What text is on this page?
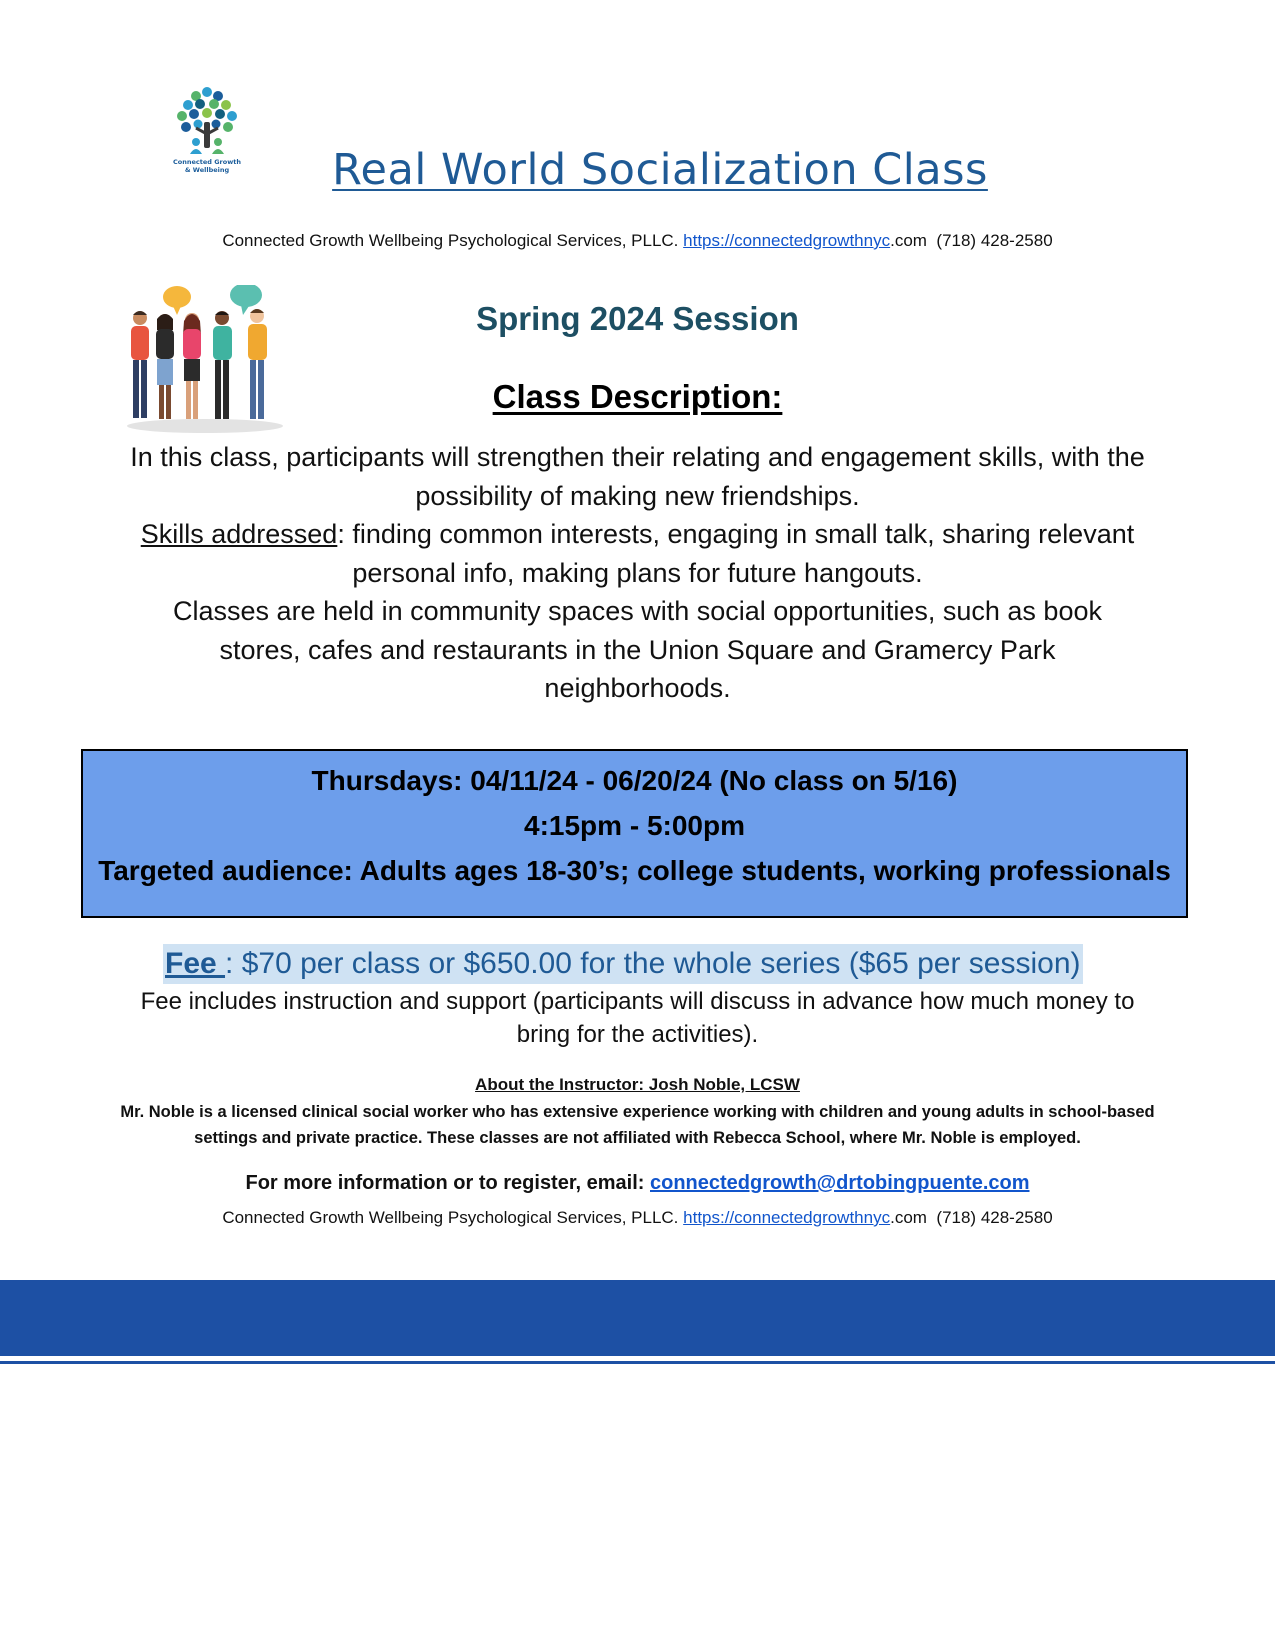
Connected Growth
& Wellbeing	Real World Socialization Class
Connected Growth Wellbeing Psychological Services, PLLC. https://connectedgrowthnyc.com (718) 428-2580
Spring 2024 Session
Class Description:
In this class, participants will strengthen their relating and engagement skills, with the possibility of making new friendships.
Skills addressed: finding common interests, engaging in small talk, sharing relevant personal info, making plans for future hangouts.
Classes are held in community spaces with social opportunities, such as book stores, cafes and restaurants in the Union Square and Gramercy Park neighborhoods.
Thursdays: 04/11/24 - 06/20/24 (No class on 5/16)
4:15pm - 5:00pm
Targeted audience: Adults ages 18-30’s; college students, working professionals
Fee : $70 per class or $650.00 for the whole series ($65 per session)
Fee includes instruction and support (participants will discuss in advance how much money to bring for the activities).
About the Instructor: Josh Noble, LCSW
Mr. Noble is a licensed clinical social worker who has extensive experience working with children and young adults in school-based settings and private practice. These classes are not affiliated with Rebecca School, where Mr. Noble is employed.
For more information or to register, email: connectedgrowth@drtobingpuente.com
Connected Growth Wellbeing Psychological Services, PLLC. https://connectedgrowthnyc.com (718) 428-2580
